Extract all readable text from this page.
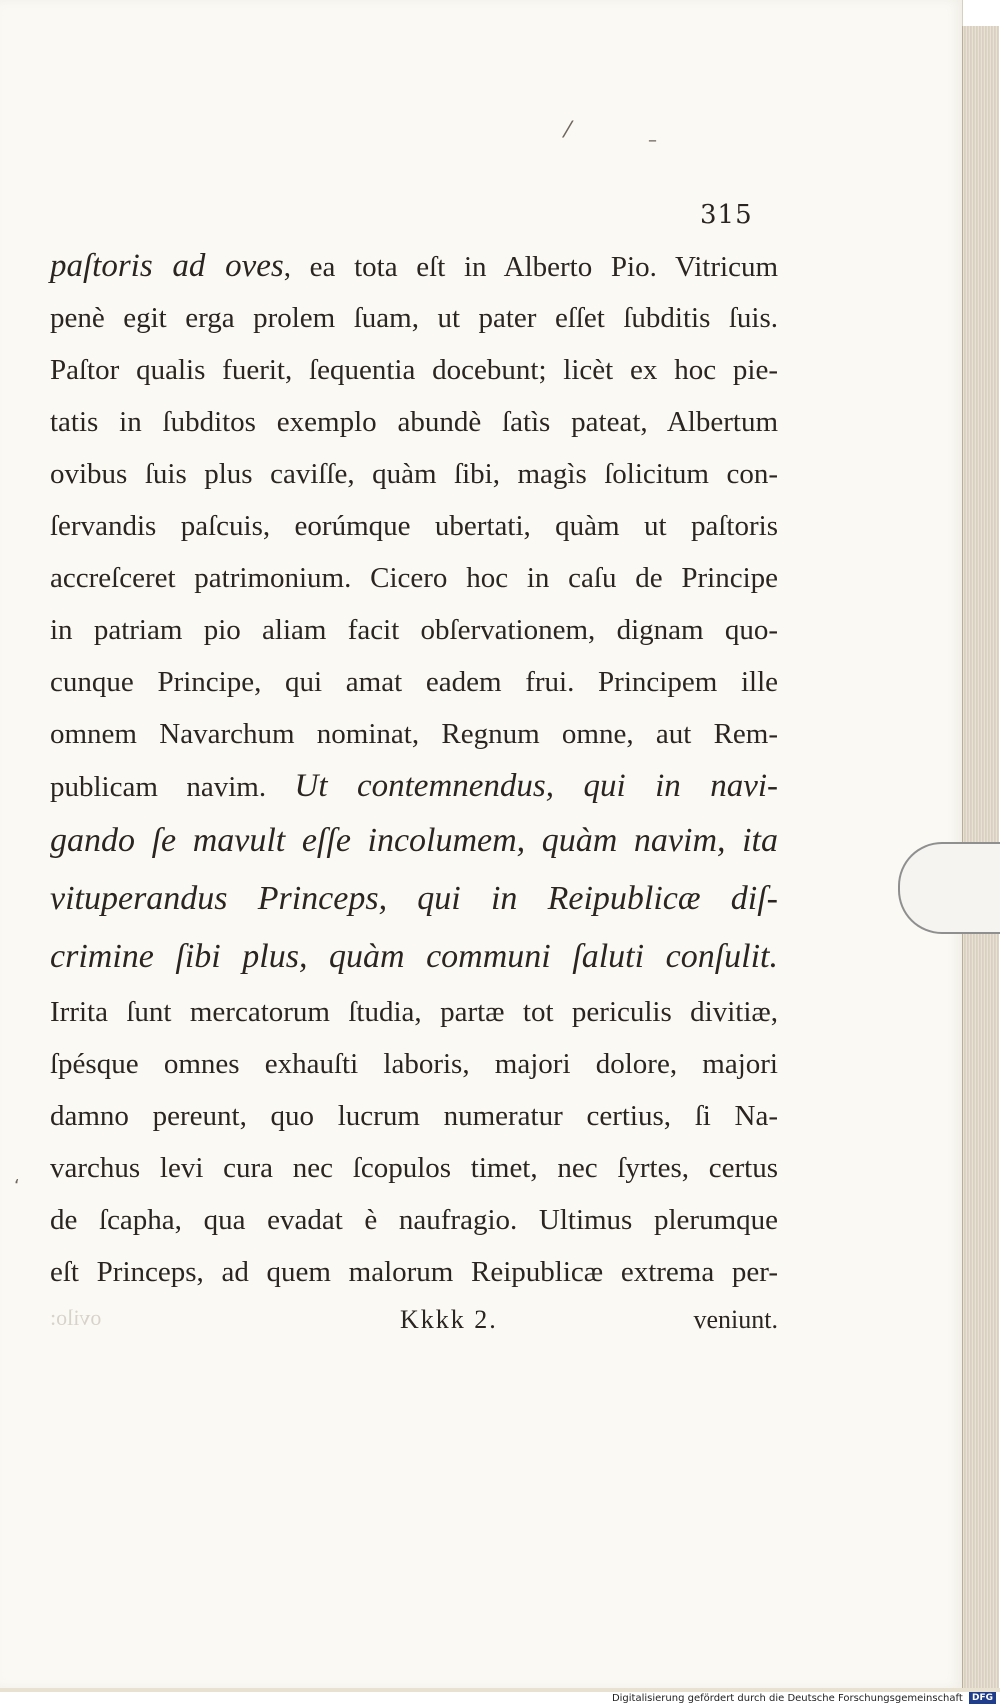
315
paſtoris ad oves, ea tota eſt in Alberto Pio. Vitricum
penè egit erga prolem ſuam, ut pater eſſet ſubditis ſuis.
Paſtor qualis fuerit, ſequentia docebunt; licèt ex hoc pie-
tatis in ſubditos exemplo abundè ſatìs pateat, Albertum
ovibus ſuis plus caviſſe, quàm ſibi, magìs ſolicitum con-
ſervandis paſcuis, eorúmque ubertati, quàm ut paſtoris
accreſceret patrimonium. Cicero hoc in caſu de Principe
in patriam pio aliam facit obſervationem, dignam quo-
cunque Principe, qui amat eadem frui. Principem ille
omnem Navarchum nominat, Regnum omne, aut Rem-
publicam navim. Ut contemnendus, qui in navi-
gando ſe mavult eſſe incolumem, quàm navim, ita
vituperandus Princeps, qui in Reipublicæ diſ-
crimine ſibi plus, quàm communi ſaluti conſulit.
Irrita ſunt mercatorum ſtudia, partæ tot periculis divitiæ,
ſpésque omnes exhauſti laboris, majori dolore, majori
damno pereunt, quo lucrum numeratur certius, ſi Na-
varchus levi cura nec ſcopulos timet, nec ſyrtes, certus
de ſcapha, qua evadat è naufragio. Ultimus plerumque
eſt Princeps, ad quem malorum Reipublicæ extrema per-
ovilo:	Kkkk 2.	veniunt.
⁄	–
‘
Digitalisierung gefördert durch die Deutsche Forschungsgemeinschaft DFG
